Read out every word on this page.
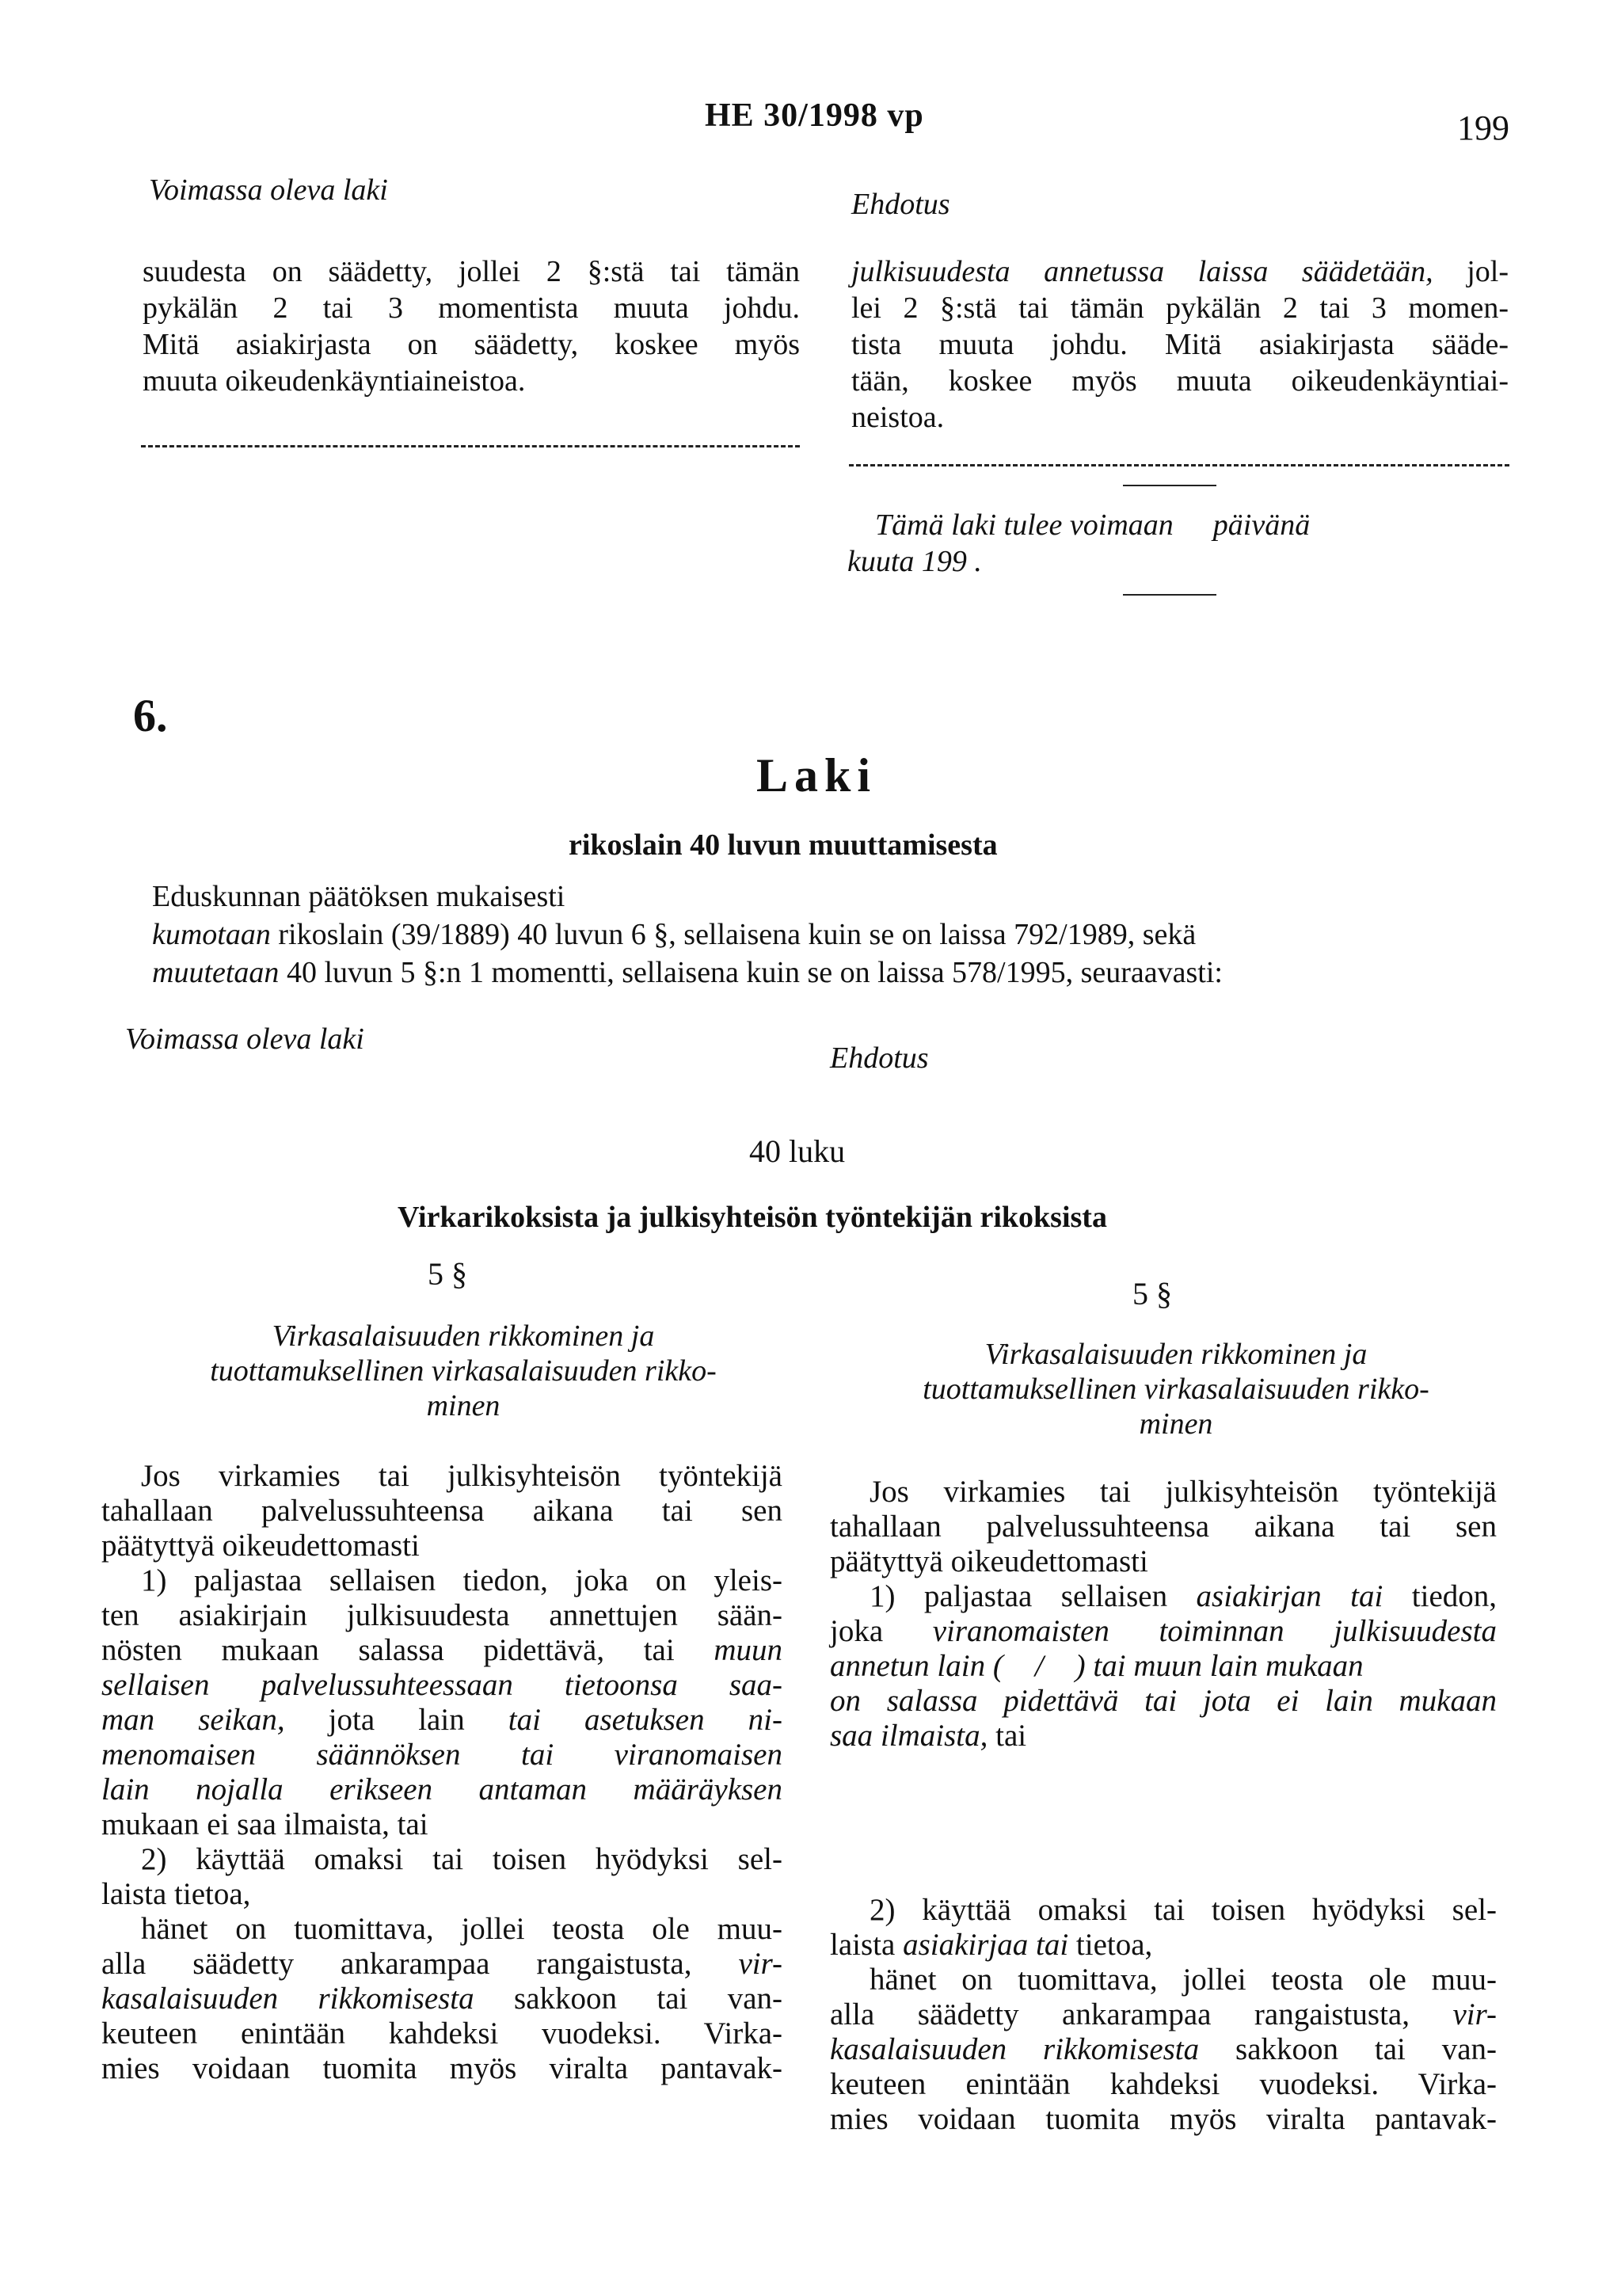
HE 30/1998 vp	199
Voimassa oleva laki	Ehdotus
suudesta on säädetty, jollei 2 §:stä tai tämän
pykälän 2 tai 3 momentista muuta johdu.
Mitä asiakirjasta on säädetty, koskee myös
muuta oikeudenkäyntiaineistoa.
julkisuudesta annetussa laissa säädetään, jol-
lei 2 §:stä tai tämän pykälän 2 tai 3 momen-
tista muuta johdu. Mitä asiakirjasta sääde-
tään, koskee myös muuta oikeudenkäyntiai-
neistoa.
Tämä laki tulee voimaan päivänä
kuuta 199 .
6.
Laki
rikoslain 40 luvun muuttamisesta
Eduskunnan päätöksen mukaisesti
kumotaan rikoslain (39/1889) 40 luvun 6 §, sellaisena kuin se on laissa 792/1989, sekä
muutetaan 40 luvun 5 §:n 1 momentti, sellaisena kuin se on laissa 578/1995, seuraavasti:
Voimassa oleva laki
Ehdotus
40 luku
Virkarikoksista ja julkisyhteisön työntekijän rikoksista
5 §
Virkasalaisuuden rikkominen ja
tuottamuksellinen virkasalaisuuden rikko-
minen
5 §
Virkasalaisuuden rikkominen ja
tuottamuksellinen virkasalaisuuden rikko-
minen
Jos virkamies tai julkisyhteisön työntekijä
tahallaan palvelussuhteensa aikana tai sen
päätyttyä oikeudettomasti
1) paljastaa sellaisen tiedon, joka on yleis-
ten asiakirjain julkisuudesta annettujen sään-
nösten mukaan salassa pidettävä, tai muun
sellaisen palvelussuhteessaan tietoonsa saa-
man seikan, jota lain tai asetuksen ni-
menomaisen säännöksen tai viranomaisen
lain nojalla erikseen antaman määräyksen
mukaan ei saa ilmaista, tai
2) käyttää omaksi tai toisen hyödyksi sel-
laista tietoa,
hänet on tuomittava, jollei teosta ole muu-
alla säädetty ankarampaa rangaistusta, vir-
kasalaisuuden rikkomisesta sakkoon tai van-
keuteen enintään kahdeksi vuodeksi. Virka-
mies voidaan tuomita myös viralta pantavak-
Jos virkamies tai julkisyhteisön työntekijä
tahallaan palvelussuhteensa aikana tai sen
päätyttyä oikeudettomasti
1) paljastaa sellaisen asiakirjan tai tiedon,
joka viranomaisten toiminnan julkisuudesta
annetun lain ( / ) tai muun lain mukaan
on salassa pidettävä tai jota ei lain mukaan
saa ilmaista, tai
2) käyttää omaksi tai toisen hyödyksi sel-
laista asiakirjaa tai tietoa,
hänet on tuomittava, jollei teosta ole muu-
alla säädetty ankarampaa rangaistusta, vir-
kasalaisuuden rikkomisesta sakkoon tai van-
keuteen enintään kahdeksi vuodeksi. Virka-
mies voidaan tuomita myös viralta pantavak-
